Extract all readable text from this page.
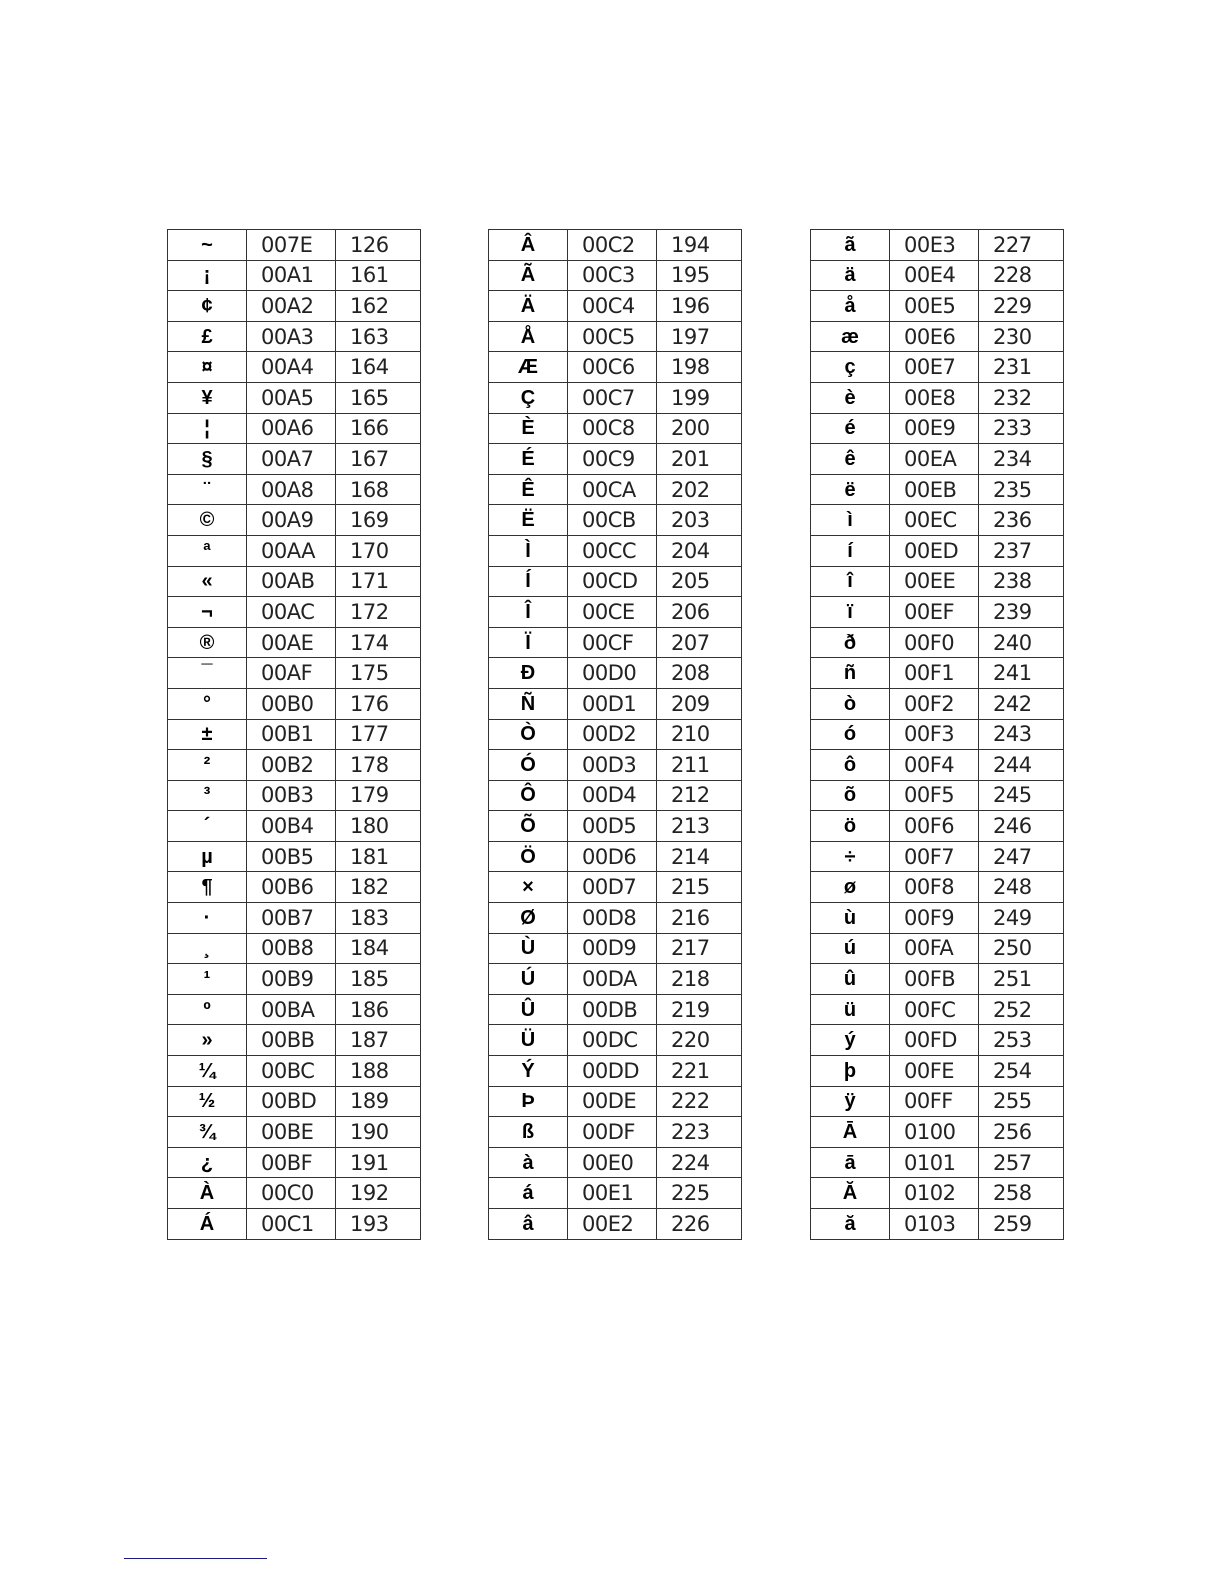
~	007E	126
¡	00A1	161
¢	00A2	162
£	00A3	163
¤	00A4	164
¥	00A5	165
¦	00A6	166
§	00A7	167
¨	00A8	168
©	00A9	169
ª	00AA	170
«	00AB	171
¬	00AC	172
®	00AE	174
¯	00AF	175
°	00B0	176
±	00B1	177
²	00B2	178
³	00B3	179
´	00B4	180
µ	00B5	181
¶	00B6	182
·	00B7	183
¸	00B8	184
¹	00B9	185
º	00BA	186
»	00BB	187
¼	00BC	188
½	00BD	189
¾	00BE	190
¿	00BF	191
À	00C0	192
Á	00C1	193
Â	00C2	194
Ã	00C3	195
Ä	00C4	196
Å	00C5	197
Æ	00C6	198
Ç	00C7	199
È	00C8	200
É	00C9	201
Ê	00CA	202
Ë	00CB	203
Ì	00CC	204
Í	00CD	205
Î	00CE	206
Ï	00CF	207
Ð	00D0	208
Ñ	00D1	209
Ò	00D2	210
Ó	00D3	211
Ô	00D4	212
Õ	00D5	213
Ö	00D6	214
×	00D7	215
Ø	00D8	216
Ù	00D9	217
Ú	00DA	218
Û	00DB	219
Ü	00DC	220
Ý	00DD	221
Þ	00DE	222
ß	00DF	223
à	00E0	224
á	00E1	225
â	00E2	226
ã	00E3	227
ä	00E4	228
å	00E5	229
æ	00E6	230
ç	00E7	231
è	00E8	232
é	00E9	233
ê	00EA	234
ë	00EB	235
ì	00EC	236
í	00ED	237
î	00EE	238
ï	00EF	239
ð	00F0	240
ñ	00F1	241
ò	00F2	242
ó	00F3	243
ô	00F4	244
õ	00F5	245
ö	00F6	246
÷	00F7	247
ø	00F8	248
ù	00F9	249
ú	00FA	250
û	00FB	251
ü	00FC	252
ý	00FD	253
þ	00FE	254
ÿ	00FF	255
Ā	0100	256
ā	0101	257
Ă	0102	258
ă	0103	259
